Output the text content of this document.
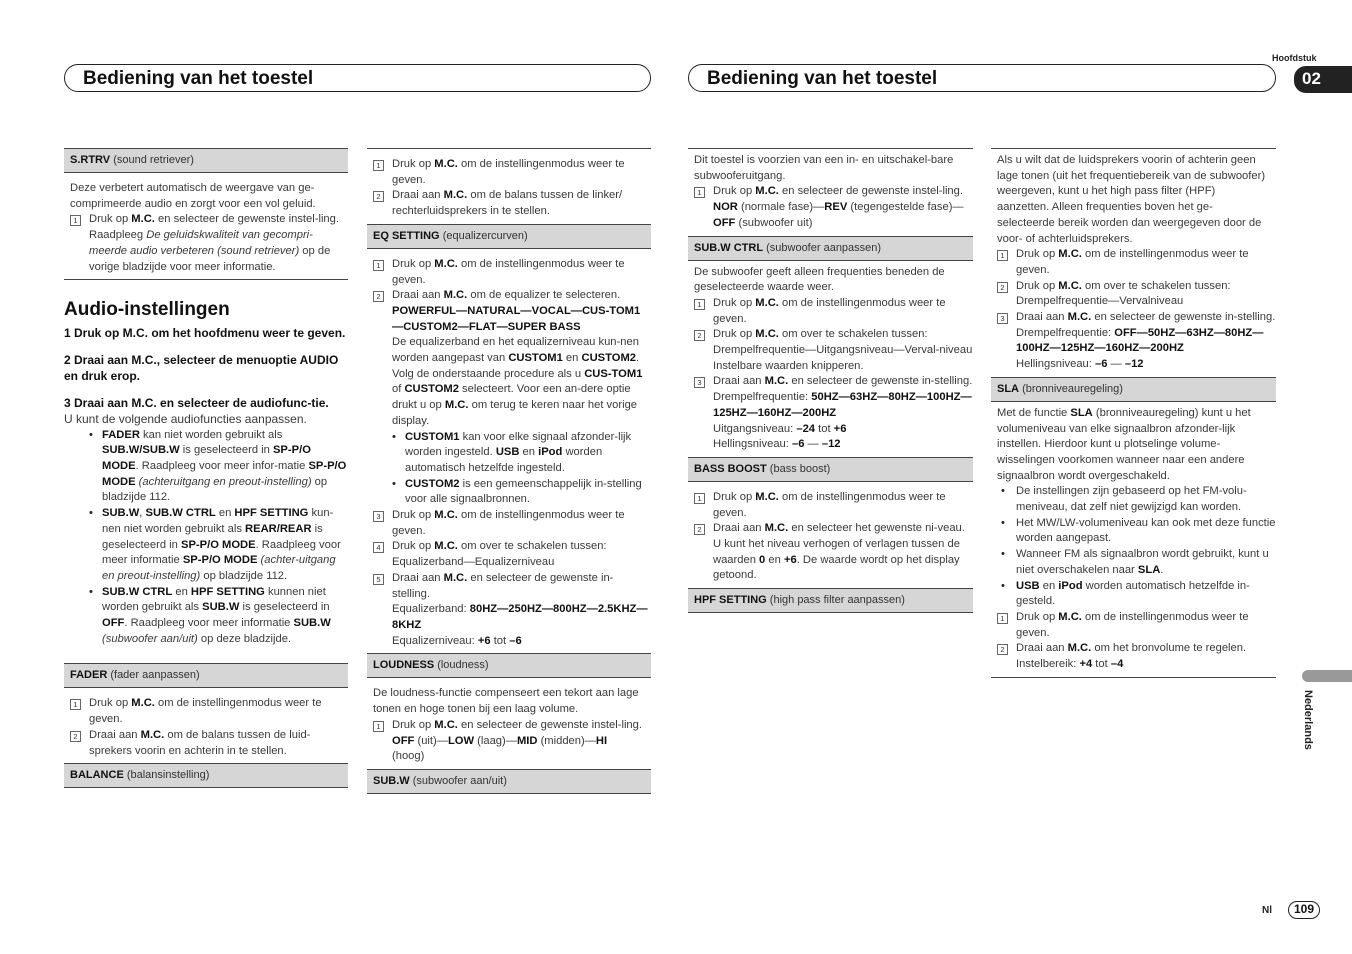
Bediening van het toestel	Bediening van het toestel
Hoofdstuk
02
Nederlands
Nl	109
S.RTRV (sound retriever)

Deze verbetert automatisch de weergave van ge-comprimeerde audio en zorgt voor een vol geluid.

1	Druk op M.C. en selecteer de gewenste instel-ling.
Raadpleeg De geluidskwaliteit van gecompri-meerde audio verbeteren (sound retriever) op de vorige bladzijde voor meer informatie.

Audio-instellingen

1 Druk op M.C. om het hoofdmenu weer te geven.

2 Draai aan M.C., selecteer de menuoptie AUDIO en druk erop.

3 Draai aan M.C. en selecteer de audiofunc-tie.

U kunt de volgende audiofuncties aanpassen.

• FADER kan niet worden gebruikt als SUB.W/SUB.W is geselecteerd in SP-P/O MODE. Raadpleeg voor meer infor-matie SP-P/O MODE (achteruitgang en preout-instelling) op bladzijde 112.
• SUB.W, SUB.W CTRL en HPF SETTING kun-nen niet worden gebruikt als REAR/REAR is geselecteerd in SP-P/O MODE. Raadpleeg voor meer informatie SP-P/O MODE (achter-uitgang en preout-instelling) op bladzijde 112.
• SUB.W CTRL en HPF SETTING kunnen niet worden gebruikt als SUB.W is geselecteerd in OFF. Raadpleeg voor meer informatie SUB.W (subwoofer aan/uit) op deze bladzijde.
FADER (fader aanpassen)
1	Druk op M.C. om de instellingenmodus weer te geven.
2	Draai aan M.C. om de balans tussen de luid-sprekers voorin en achterin in te stellen.
BALANCE (balansinstelling)
1	Druk op M.C. om de instellingenmodus weer te geven.
2	Draai aan M.C. om de balans tussen de linker/ rechterluidsprekers in te stellen.
EQ SETTING (equalizercurven)
1	Druk op M.C. om de instellingenmodus weer te geven.
2	Draai aan M.C. om de equalizer te selecteren.
POWERFUL—NATURAL—VOCAL—CUS-TOM1—CUSTOM2—FLAT—SUPER BASS
De equalizerband en het equalizerniveau kun-nen worden aangepast van CUSTOM1 en CUSTOM2.
Volg de onderstaande procedure als u CUS-TOM1 of CUSTOM2 selecteert. Voor een an-dere optie drukt u op M.C. om terug te keren naar het vorige display.
• CUSTOM1 kan voor elke signaal afzonder-lijk worden ingesteld. USB en iPod worden automatisch hetzelfde ingesteld.
• CUSTOM2 is een gemeenschappelijk in-stelling voor alle signaalbronnen.
3	Druk op M.C. om de instellingenmodus weer te geven.
4	Druk op M.C. om over te schakelen tussen:
Equalizerband—Equalizerniveau
5	Draai aan M.C. en selecteer de gewenste in-stelling.
Equalizerband: 80HZ—250HZ—800HZ—2.5KHZ—8KHZ
Equalizerniveau: +6 tot –6
LOUDNESS (loudness)

De loudness-functie compenseert een tekort aan lage tonen en hoge tonen bij een laag volume.

1	Druk op M.C. en selecteer de gewenste instel-ling.
OFF (uit)—LOW (laag)—MID (midden)—HI
(hoog)
SUB.W (subwoofer aan/uit)

Dit toestel is voorzien van een in- en uitschakel-bare subwooferuitgang.

1	Druk op M.C. en selecteer de gewenste instel-ling.
NOR (normale fase)—REV (tegengestelde fase)—OFF (subwoofer uit)
SUB.W CTRL (subwoofer aanpassen)

De subwoofer geeft alleen frequenties beneden de geselecteerde waarde weer.

1	Druk op M.C. om de instellingenmodus weer te geven.
2	Druk op M.C. om over te schakelen tussen:
Drempelfrequentie—Uitgangsniveau—Verval-niveau
Instelbare waarden knipperen.
3	Draai aan M.C. en selecteer de gewenste in-stelling.
Drempelfrequentie: 50HZ—63HZ—80HZ—100HZ—125HZ—160HZ—200HZ
Uitgangsniveau: –24 tot +6
Hellingsniveau: –6 — –12
BASS BOOST (bass boost)
1	Druk op M.C. om de instellingenmodus weer te geven.
2	Draai aan M.C. en selecteer het gewenste ni-veau.
U kunt het niveau verhogen of verlagen tussen de waarden 0 en +6. De waarde wordt op het display getoond.
HPF SETTING (high pass filter aanpassen)

Als u wilt dat de luidsprekers voorin of achterin geen lage tonen (uit het frequentiebereik van de subwoofer) weergeven, kunt u het high pass filter (HPF) aanzetten. Alleen frequenties boven het ge-selecteerde bereik worden dan weergegeven door de voor- of achterluidsprekers.

1	Druk op M.C. om de instellingenmodus weer te geven.
2	Druk op M.C. om over te schakelen tussen:
Drempelfrequentie—Vervalniveau
3	Draai aan M.C. en selecteer de gewenste in-stelling.
Drempelfrequentie: OFF—50HZ—63HZ—80HZ—100HZ—125HZ—160HZ—200HZ
Hellingsniveau: –6 — –12
SLA (bronniveauregeling)
Met de functie SLA (bronniveauregeling) kunt u het volumeniveau van elke signaalbron afzonder-lijk instellen. Hierdoor kunt u plotselinge volume-wisselingen voorkomen wanneer naar een andere signaalbron wordt overgeschakeld.
• De instellingen zijn gebaseerd op het FM-volu-meniveau, dat zelf niet gewijzigd kan worden.
• Het MW/LW-volumeniveau kan ook met deze functie worden aangepast.
• Wanneer FM als signaalbron wordt gebruikt, kunt u niet overschakelen naar SLA.
• USB en iPod worden automatisch hetzelfde in-gesteld.
1	Druk op M.C. om de instellingenmodus weer te geven.
2	Draai aan M.C. om het bronvolume te regelen.
Instelbereik: +4 tot –4
